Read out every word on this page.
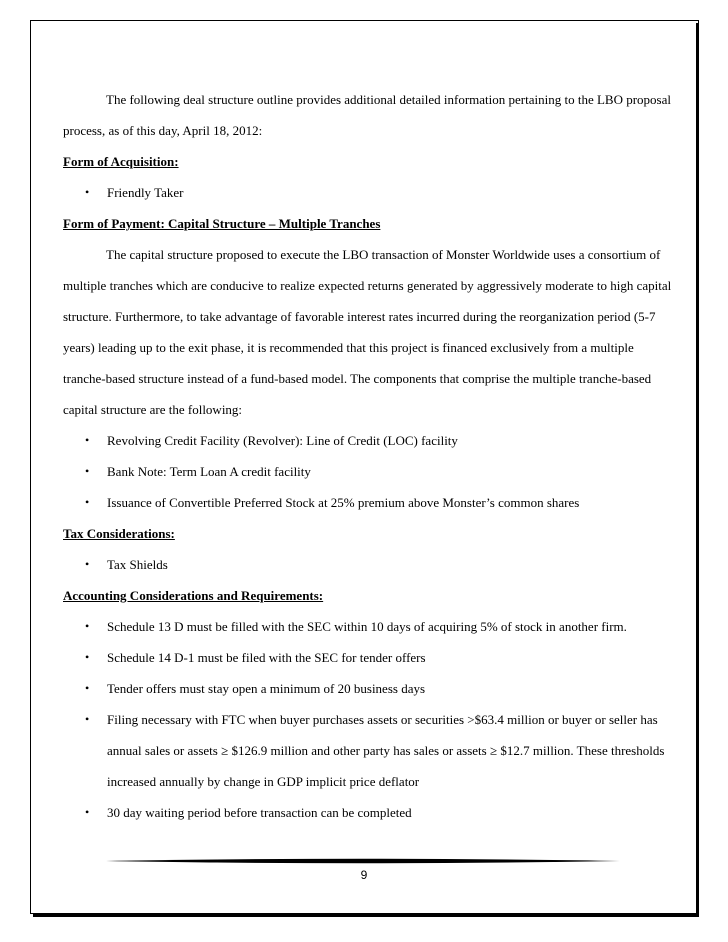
The following deal structure outline provides additional detailed information pertaining to the LBO proposal process, as of this day, April 18, 2012:

Form of Acquisition:

• Friendly Taker

Form of Payment: Capital Structure – Multiple Tranches

The capital structure proposed to execute the LBO transaction of Monster Worldwide uses a consortium of multiple tranches which are conducive to realize expected returns generated by aggressively moderate to high capital structure. Furthermore, to take advantage of favorable interest rates incurred during the reorganization period (5-7 years) leading up to the exit phase, it is recommended that this project is financed exclusively from a multiple tranche-based structure instead of a fund-based model. The components that comprise the multiple tranche-based capital structure are the following:

• Revolving Credit Facility (Revolver): Line of Credit (LOC) facility
• Bank Note: Term Loan A credit facility
• Issuance of Convertible Preferred Stock at 25% premium above Monster’s common shares

Tax Considerations:

• Tax Shields

Accounting Considerations and Requirements:

• Schedule 13 D must be filled with the SEC within 10 days of acquiring 5% of stock in another firm.
• Schedule 14 D-1 must be filed with the SEC for tender offers
• Tender offers must stay open a minimum of 20 business days
• Filing necessary with FTC when buyer purchases assets or securities >$63.4 million or buyer or seller has annual sales or assets ≥ $126.9 million and other party has sales or assets ≥ $12.7 million. These thresholds increased annually by change in GDP implicit price deflator
• 30 day waiting period before transaction can be completed
9
